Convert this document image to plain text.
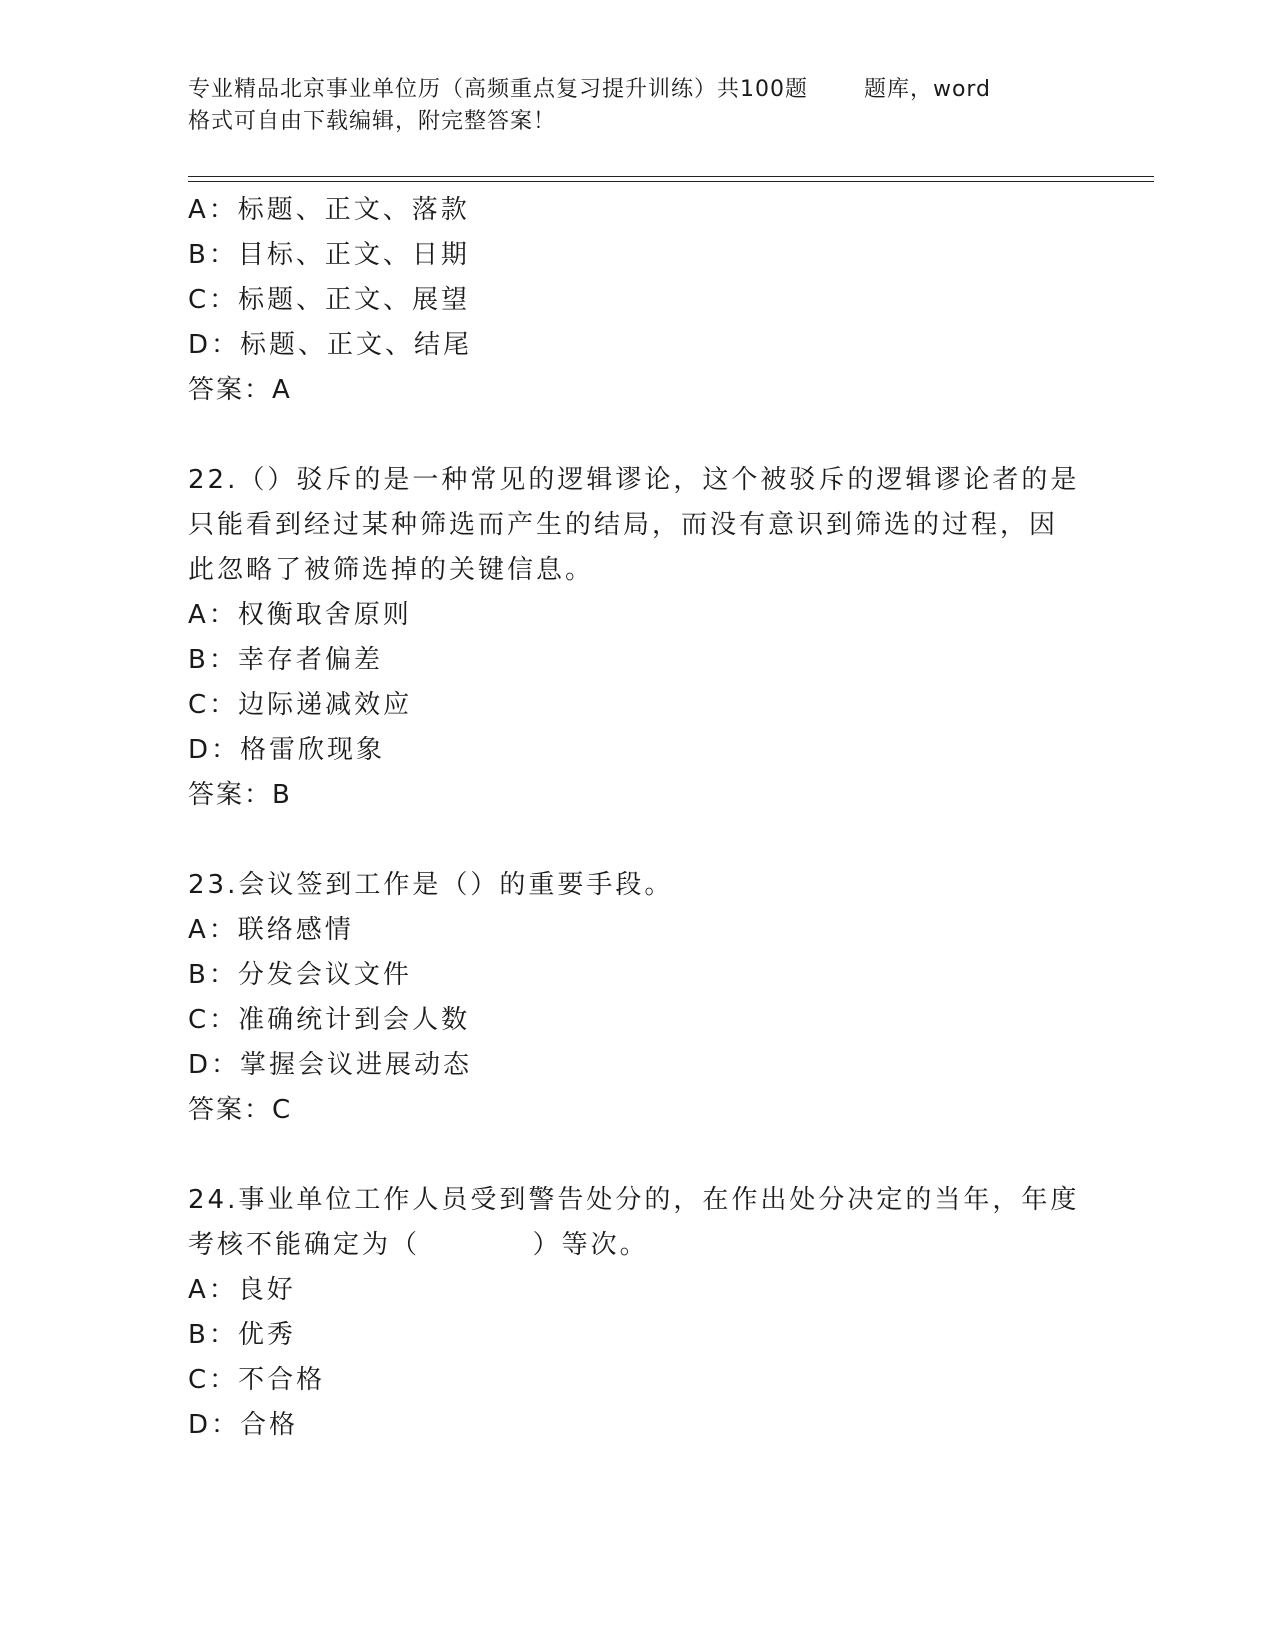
专业精品北京事业单位历（高频重点复习提升训练）共100题       题库，word
格式可自由下载编辑，附完整答案！
A：标题、正文、落款
B：目标、正文、日期
C：标题、正文、展望
D：标题、正文、结尾
答案：A
22.（）驳斥的是一种常见的逻辑谬论，这个被驳斥的逻辑谬论者的是
只能看到经过某种筛选而产生的结局，而没有意识到筛选的过程，因
此忽略了被筛选掉的关键信息。
A：权衡取舍原则
B：幸存者偏差
C：边际递减效应
D：格雷欣现象
答案：B
23.会议签到工作是（）的重要手段。
A：联络感情
B：分发会议文件
C：准确统计到会人数
D：掌握会议进展动态
答案：C
24.事业单位工作人员受到警告处分的，在作出处分决定的当年，年度
考核不能确定为（          ）等次。
A：良好
B：优秀
C：不合格
D：合格
